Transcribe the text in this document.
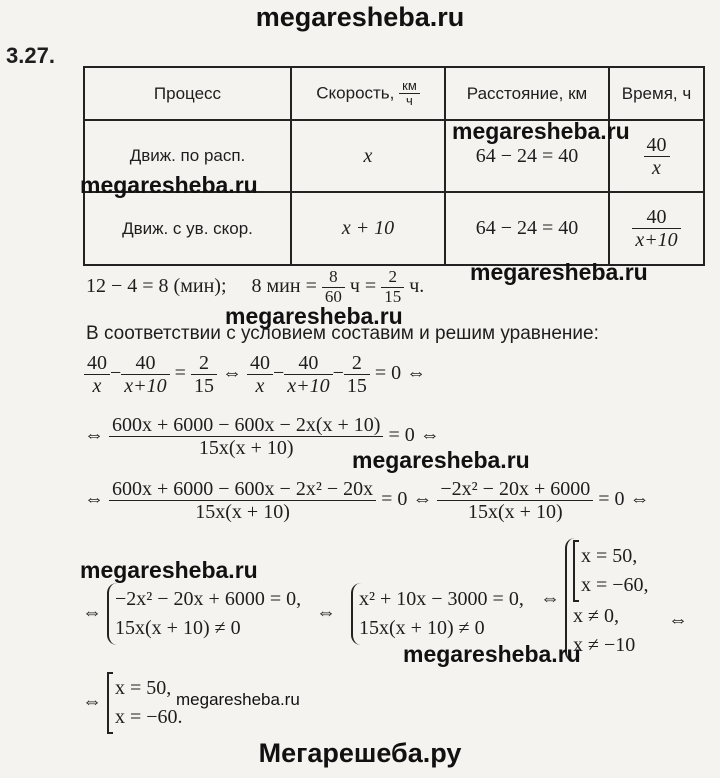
megaresheba.ru
3.27.
Процесс	Скорость, $\frac{км}{ч}$	Расстояние, км	Время, ч
Движ. по расп.	x	64 − 24 = 40	$\frac{40}{x}$

Движ. с ув. скор.	x + 10	64 − 24 = 40	$\frac{40}{x+10}$
megaresheba.ru
megaresheba.ru
megaresheba.ru
12 − 4 = 8 (мин); 8 мин = $\frac{8}{60}$ $ч = \frac{2}{15} ч$.
megaresheba.ru
В соответствии с условием составим и решим уравнение:
$\frac{40}{x} - \frac{40}{x+10} = \frac{2}{15}$ ⇔ $\frac{40}{x} - \frac{40}{x+10} - \frac{2}{15} = 0$ ⇔
⇔ $\frac{600x + 6000 - 600x - 2x(x + 10)}{15x(x + 10)} = 0$ ⇔
megaresheba.ru
⇔ $\frac{\text{600x + 6000 − 600x − 2x² − 20x}}{15x(x + 10)} = 0$ ⇔ $\frac{\text{−2x² − 20x + 6000}}{15x(x + 10)} = 0$ ⇔
megaresheba.ru
⇔
−2x² − 20x + 6000 = 0,
15x(x + 10) ≠ 0
⇔
x² + 10x − 3000 = 0,
15x(x + 10) ≠ 0
⇔
x = 50,
x = −60,
x ≠ 0,
x ≠ −10
⇔
megaresheba.ru
⇔
x = 50,
x = −60.
megaresheba.ru
Мегарешеба.ру
